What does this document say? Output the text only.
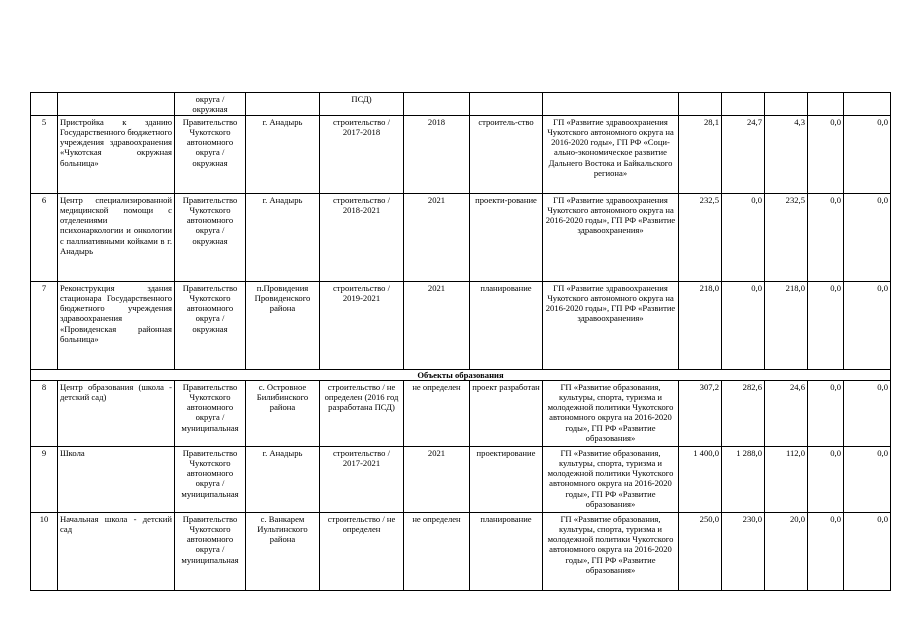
		округа / окружная		ПСД)								
5	Пристройка к зданию Государственного бюджетного учреждения здравоохранения «Чукотская окружная больница»	Правительство Чукотского автономного округа / окружная	г. Анадырь	строительство / 2017-2018	2018	строитель-ство	ГП «Развитие здравоохранения Чукотского автономного округа на 2016-2020 годы», ГП РФ «Соци-ально-экономическое развитие Дальнего Востока и Байкальского региона»	28,1	24,7	4,3	0,0	0,0
6	Центр специализированной медицинской помощи с отделениями психонаркологии и онкологии с паллиативными койками в г. Анадырь	Правительство Чукотского автономного округа / окружная	г. Анадырь	строительство / 2018-2021	2021	проекти-рование	ГП «Развитие здравоохранения Чукотского автономного округа на 2016-2020 годы», ГП РФ «Развитие здравоохранения»	232,5	0,0	232,5	0,0	0,0
7	Реконструкция здания стационара Государственного бюджетного учреждения здравоохранения «Провиденская районная больница»	Правительство Чукотского автономного округа / окружная	п.Провидения Провиденского района	строительство / 2019-2021	2021	планирование	ГП «Развитие здравоохранения Чукотского автономного округа на 2016-2020 годы», ГП РФ «Развитие здравоохранения»	218,0	0,0	218,0	0,0	0,0
Объекты образования												
8	Центр образования (школа - детский сад)	Правительство Чукотского автономного округа / муниципальная	с. Островное Билибинского района	строительство / не определен (2016 год разработана ПСД)	не определен	проект разработан	ГП «Развитие образования, культуры, спорта, туризма и молодежной политики Чукотского автономного округа на 2016-2020 годы», ГП РФ «Развитие образования»	307,2	282,6	24,6	0,0	0,0
9	Школа	Правительство Чукотского автономного округа / муниципальная	г. Анадырь	строительство / 2017-2021	2021	проектирование	ГП «Развитие образования, культуры, спорта, туризма и молодежной политики Чукотского автономного округа на 2016-2020 годы», ГП РФ «Развитие образования»	1 400,0	1 288,0	112,0	0,0	0,0
10	Начальная школа - детский сад	Правительство Чукотского автономного округа / муниципальная	с. Ванкарем Иультинского района	строительство / не определен	не определен	планирование	ГП «Развитие образования, культуры, спорта, туризма и молодежной политики Чукотского автономного округа на 2016-2020 годы», ГП РФ «Развитие образования»	250,0	230,0	20,0	0,0	0,0
